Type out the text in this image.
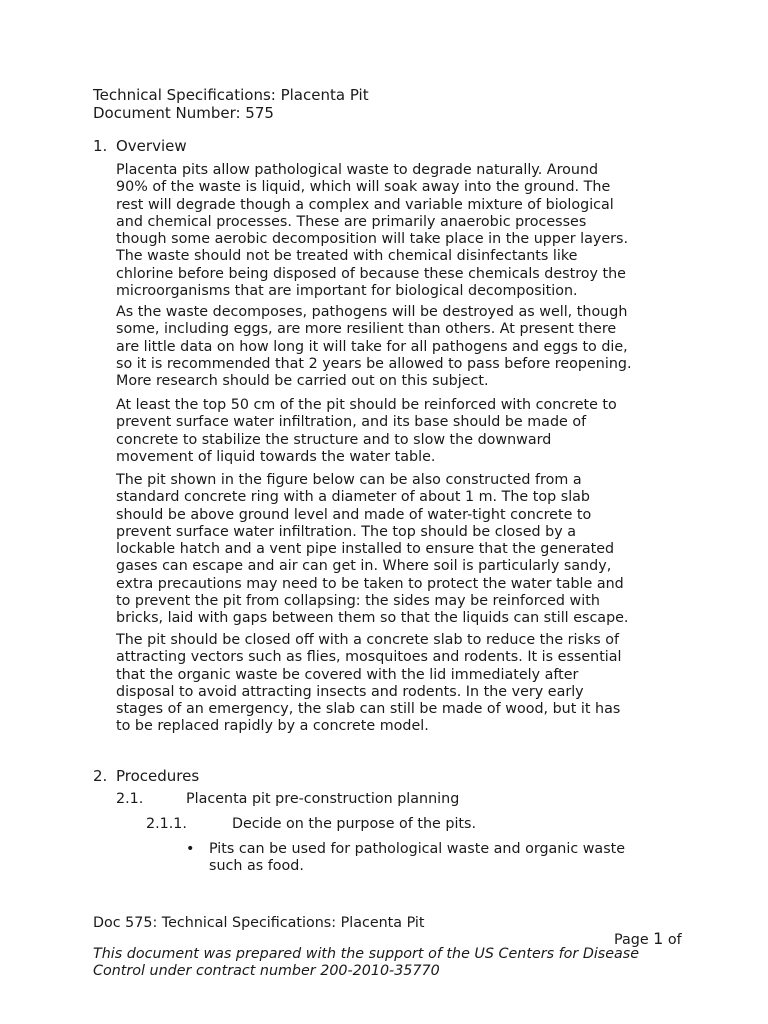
Technical Specifications: Placenta Pit
Document Number: 575
1. Overview

Placenta pits allow pathological waste to degrade naturally. Around
90% of the waste is liquid, which will soak away into the ground. The
rest will degrade though a complex and variable mixture of biological
and chemical processes. These are primarily anaerobic processes
though some aerobic decomposition will take place in the upper layers.
The waste should not be treated with chemical disinfectants like
chlorine before being disposed of because these chemicals destroy the
microorganisms that are important for biological decomposition.

As the waste decomposes, pathogens will be destroyed as well, though
some, including eggs, are more resilient than others. At present there
are little data on how long it will take for all pathogens and eggs to die,
so it is recommended that 2 years be allowed to pass before reopening.
More research should be carried out on this subject.

At least the top 50 cm of the pit should be reinforced with concrete to
prevent surface water infiltration, and its base should be made of
concrete to stabilize the structure and to slow the downward
movement of liquid towards the water table.

The pit shown in the figure below can be also constructed from a
standard concrete ring with a diameter of about 1 m. The top slab
should be above ground level and made of water-tight concrete to
prevent surface water infiltration. The top should be closed by a
lockable hatch and a vent pipe installed to ensure that the generated
gases can escape and air can get in. Where soil is particularly sandy,
extra precautions may need to be taken to protect the water table and
to prevent the pit from collapsing: the sides may be reinforced with
bricks, laid with gaps between them so that the liquids can still escape.

The pit should be closed off with a concrete slab to reduce the risks of
attracting vectors such as flies, mosquitoes and rodents. It is essential
that the organic waste be covered with the lid immediately after
disposal to avoid attracting insects and rodents. In the very early
stages of an emergency, the slab can still be made of wood, but it has
to be replaced rapidly by a concrete model.

2. Procedures
2.1.	Placenta pit pre-construction planning
2.1.1.	Decide on the purpose of the pits.
• Pits can be used for pathological waste and organic waste
such as food.
Doc 575: Technical Specifications: Placenta Pit
Page 1 of
This document was prepared with the support of the US Centers for Disease
Control under contract number 200-2010-35770
